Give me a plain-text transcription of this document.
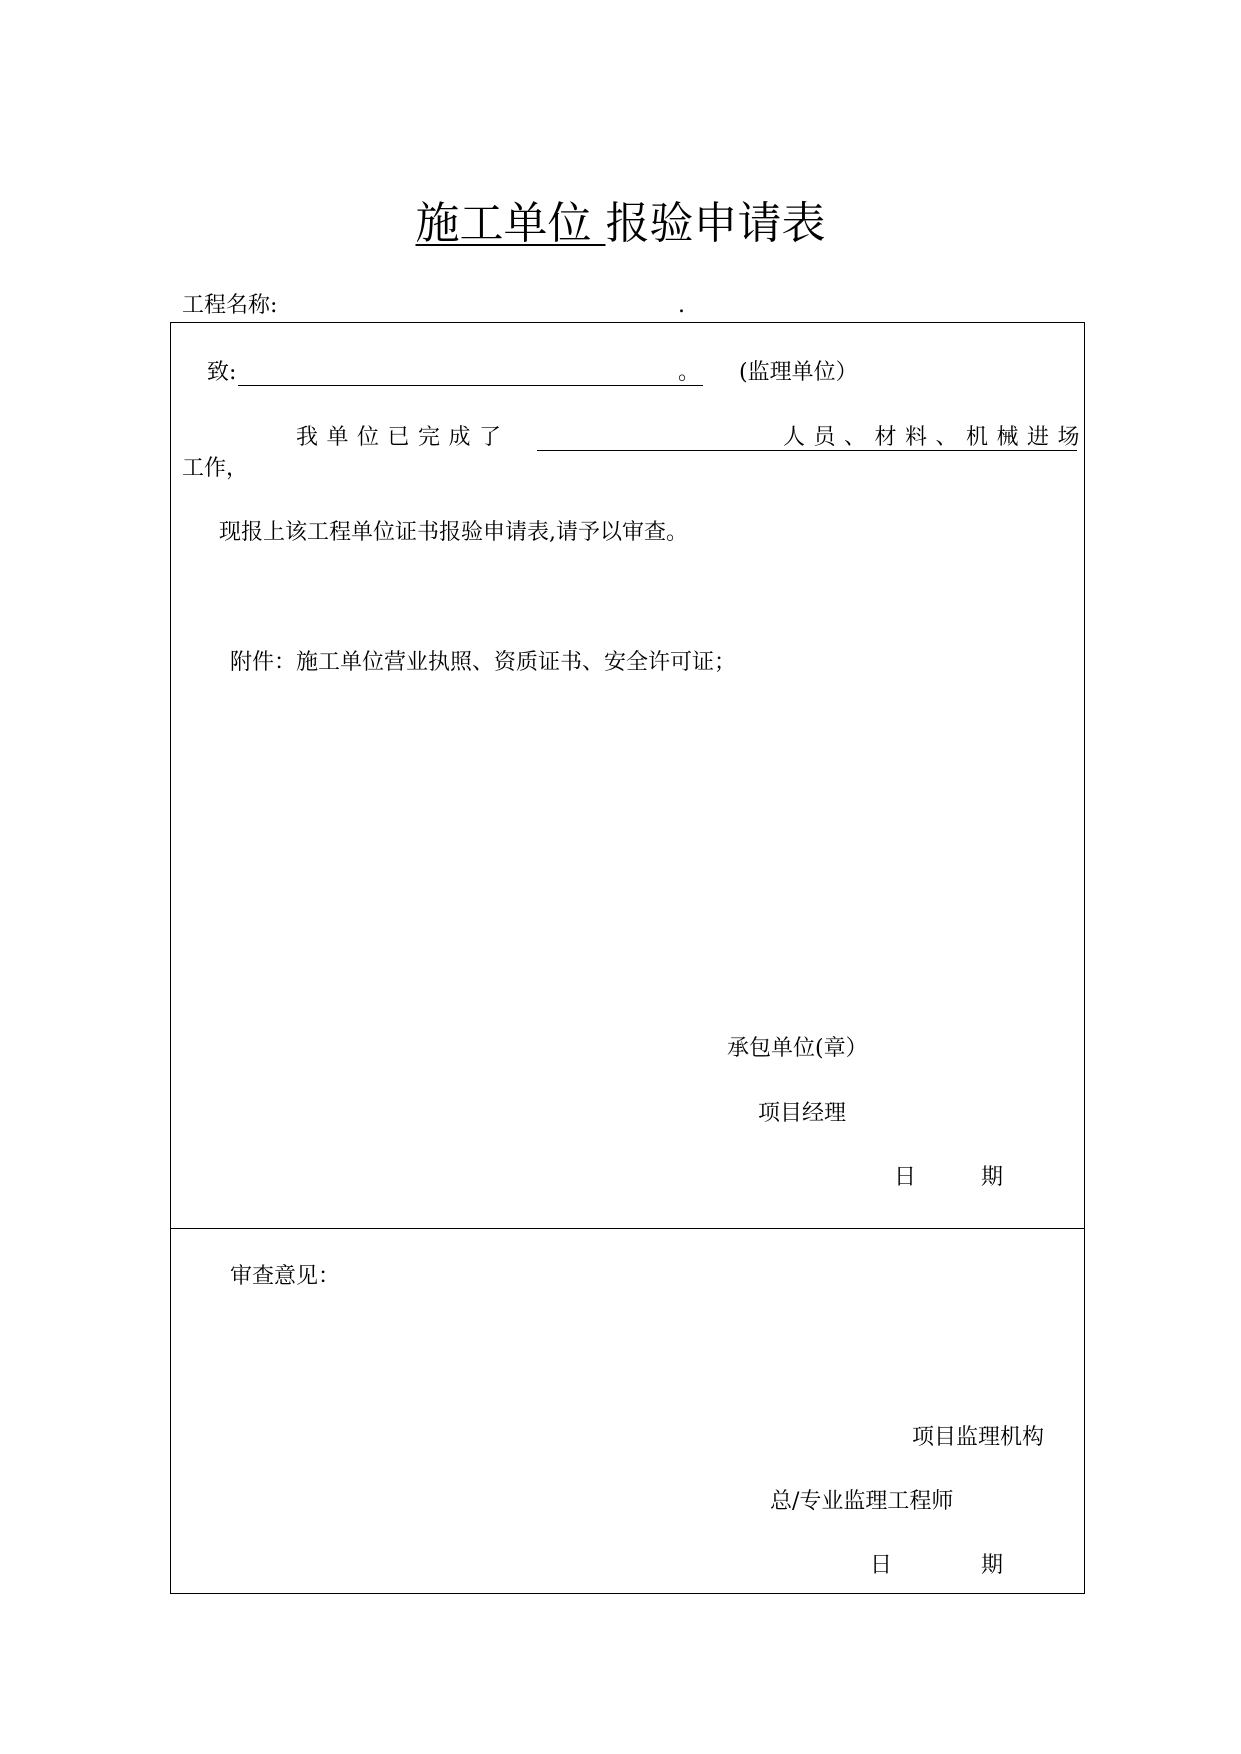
施工单位 报验申请表
工程名称:	.
致:	。 (监理单位）
我单位已完成了	人员、材料、机械进场
工作，
现报上该工程单位证书报验申请表,请予以审查。
附件：施工单位营业执照、资质证书、安全许可证；
承包单位(章）
项目经理
日	期
审查意见：
项目监理机构
总/专业监理工程师
日	期
